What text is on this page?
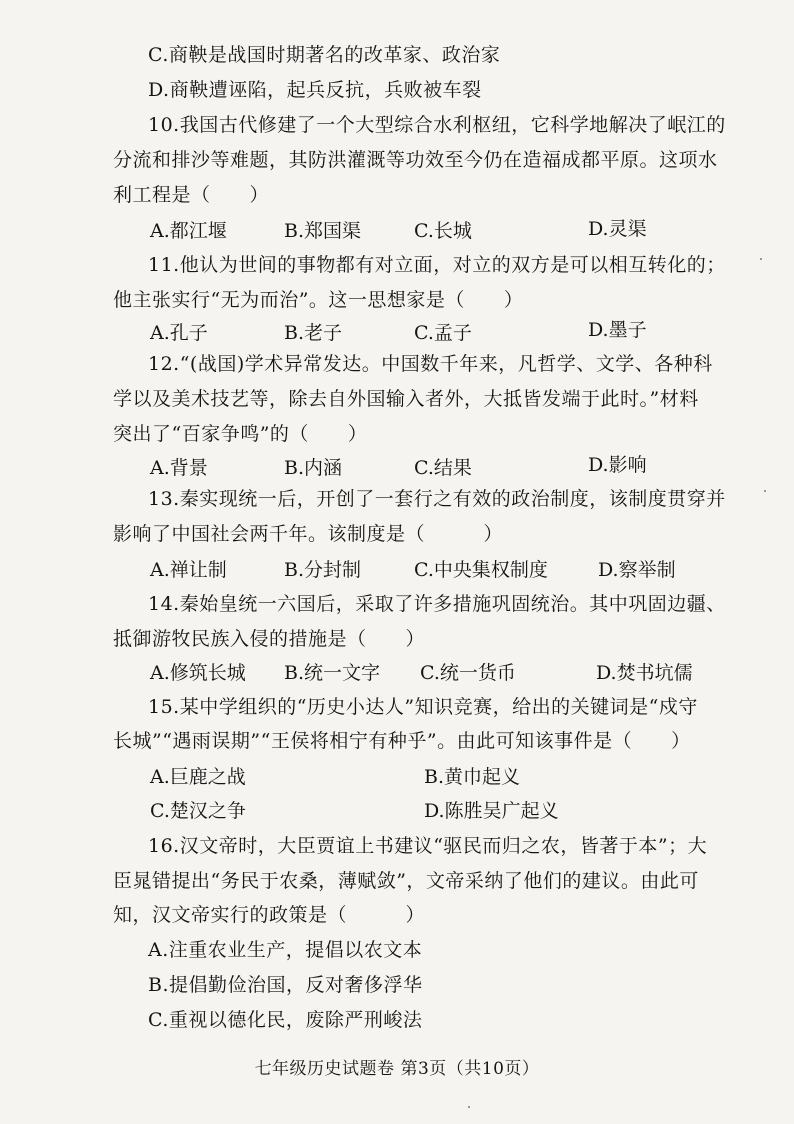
C.商鞅是战国时期著名的改革家、政治家
D.商鞅遭诬陷，起兵反抗，兵败被车裂
10.我国古代修建了一个大型综合水利枢纽，它科学地解决了岷江的
分流和排沙等难题，其防洪灌溉等功效至今仍在造福成都平原。这项水
利工程是（　　）
A.都江堰	B.郑国渠	C.长城	D.灵渠
11.他认为世间的事物都有对立面，对立的双方是可以相互转化的；
他主张实行“无为而治”。这一思想家是（　　）
A.孔子	B.老子	C.孟子	D.墨子
12.“(战国)学术异常发达。中国数千年来，凡哲学、文学、各种科
学以及美术技艺等，除去自外国输入者外，大抵皆发端于此时。”材料
突出了“百家争鸣”的（　　）
A.背景	B.内涵	C.结果	D.影响
13.秦实现统一后，开创了一套行之有效的政治制度，该制度贯穿并
影响了中国社会两千年。该制度是（　　　）
A.禅让制	B.分封制	C.中央集权制度	D.察举制
14.秦始皇统一六国后，采取了许多措施巩固统治。其中巩固边疆、
抵御游牧民族入侵的措施是（　　）
A.修筑长城 B.统一文字 C.统一货币	D.焚书坑儒
15.某中学组织的“历史小达人”知识竞赛，给出的关键词是“戍守
长城”“遇雨误期”“王侯将相宁有种乎”。由此可知该事件是（　　）
A.巨鹿之战	B.黄巾起义
C.楚汉之争	D.陈胜吴广起义
16.汉文帝时，大臣贾谊上书建议“驱民而归之农，皆著于本”；大
臣晁错提出“务民于农桑，薄赋敛”，文帝采纳了他们的建议。由此可
知，汉文帝实行的政策是（　　　）
A.注重农业生产，提倡以农文本
B.提倡勤俭治国，反对奢侈浮华
C.重视以德化民，废除严刑峻法
七年级历史试题卷 第3页（共10页）
